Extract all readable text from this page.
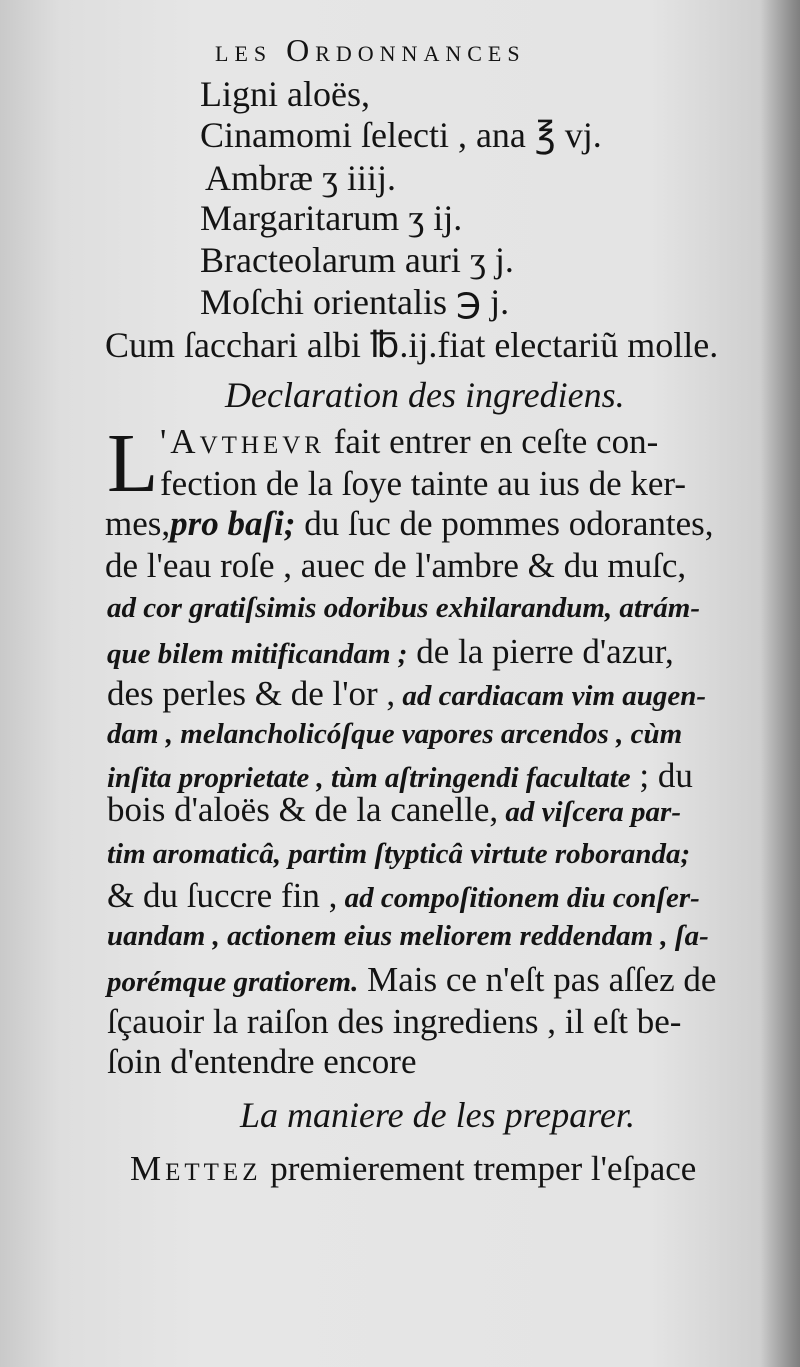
les Ordonnances
Ligni aloës,
Cinamomi ſelecti , ana ℥ vj.
Ambræ ʒ iiij.
Margaritarum ʒ ij.
Bracteolarum auri ʒ j.
Moſchi orientalis ℈ j.
Cum ſacchari albi ℔.ij.fiat electariũ molle.
Declaration des ingrediens.
L 'Avthevr fait entrer en ceſte con-
fection de la ſoye tainte au ius de ker-
mes,pro baſi; du ſuc de pommes odorantes,
de l'eau roſe , auec de l'ambre & du muſc,
ad cor gratiſsimis odoribus exhilarandum, atrám-
que bilem mitificandam ; de la pierre d'azur,
des perles & de l'or , ad cardiacam vim augen-
dam , melancholicóſque vapores arcendos , cùm
inſita proprietate , tùm aſtringendi facultate ; du
bois d'aloës & de la canelle, ad viſcera par-
tim aromaticâ, partim ſtypticâ virtute roboranda;
& du ſuccre fin , ad compoſitionem diu conſer-
uandam , actionem eius meliorem reddendam , ſa-
porémque gratiorem. Mais ce n'eſt pas aſſez de
ſçauoir la raiſon des ingrediens , il eſt be-
ſoin d'entendre encore
La maniere de les preparer.
Mettez premierement tremper l'eſpace
